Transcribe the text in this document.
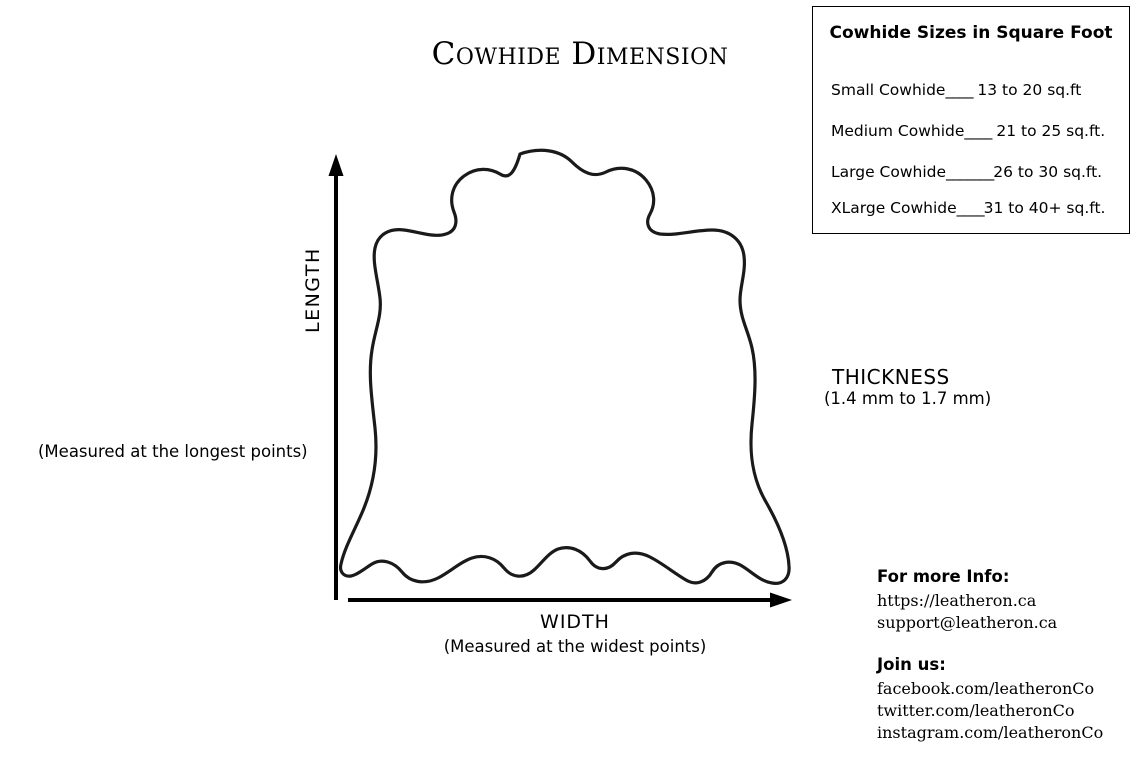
Cowhide Dimension
Cowhide Sizes in Square Foot
Small Cowhide____ 13 to 20 sq.ft
Medium Cowhide____ 21 to 25 sq.ft.
Large Cowhide_______26 to 30 sq.ft.
XLarge Cowhide____31 to 40+ sq.ft.
THICKNESS
(1.4 mm to 1.7 mm)
LENGTH
(Measured at the longest points)
WIDTH
(Measured at the widest points)
For more Info:
https://leatheron.ca
support@leatheron.ca
Join us:
facebook.com/leatheronCo
twitter.com/leatheronCo
instagram.com/leatheronCo
